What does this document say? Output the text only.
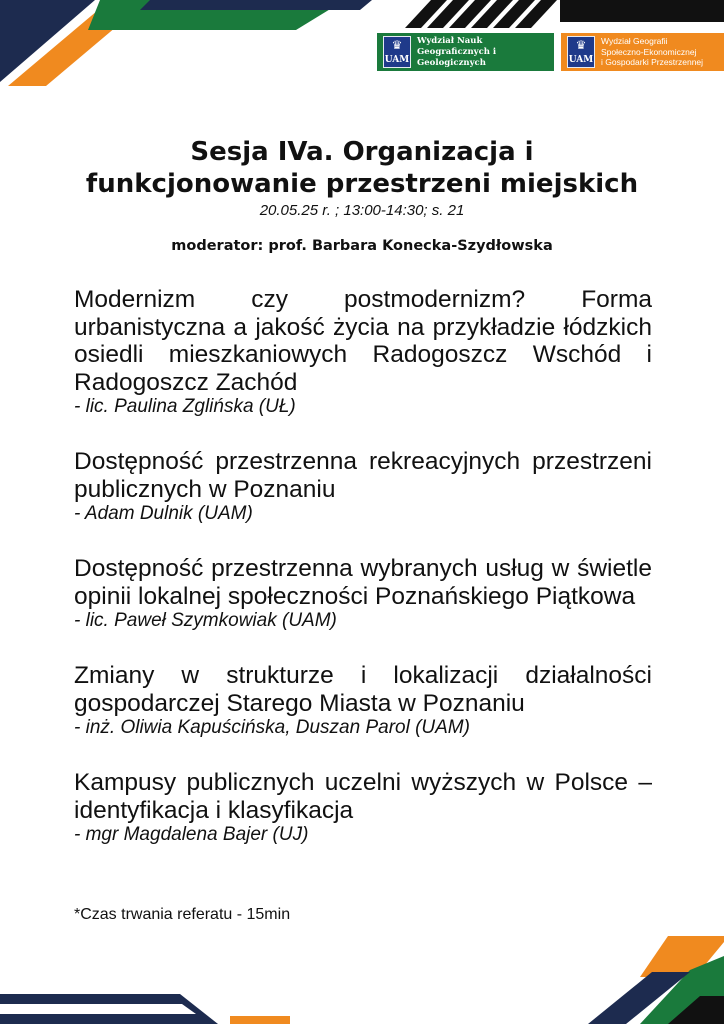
♛
UAM
Wydział Nauk
Geograficznych i Geologicznych
♛
UAM
Wydział Geografii
Społeczno-Ekonomicznej
i Gospodarki Przestrzennej
Sesja IVa. Organizacja i
funkcjonowanie przestrzeni miejskich
20.05.25 r. ; 13:00-14:30; s. 21
moderator: prof. Barbara Konecka-Szydłowska

Modernizm czy postmodernizm? Forma urbanistyczna a jakość życia na przykładzie łódzkich osiedli mieszkaniowych Radogoszcz Wschód i Radogoszcz Zachód

- lic. Paulina Zglińska (UŁ)

Dostępność przestrzenna rekreacyjnych przestrzeni publicznych w Poznaniu

- Adam Dulnik (UAM)

Dostępność przestrzenna wybranych usług w świetle opinii lokalnej społeczności Poznańskiego Piątkowa

- lic. Paweł Szymkowiak (UAM)

Zmiany w strukturze i lokalizacji działalności gospodarczej Starego Miasta w Poznaniu

- inż. Oliwia Kapuścińska, Duszan Parol (UAM)

Kampusy publicznych uczelni wyższych w Polsce – identyfikacja i klasyfikacja

- mgr Magdalena Bajer (UJ)

*Czas trwania referatu - 15min
